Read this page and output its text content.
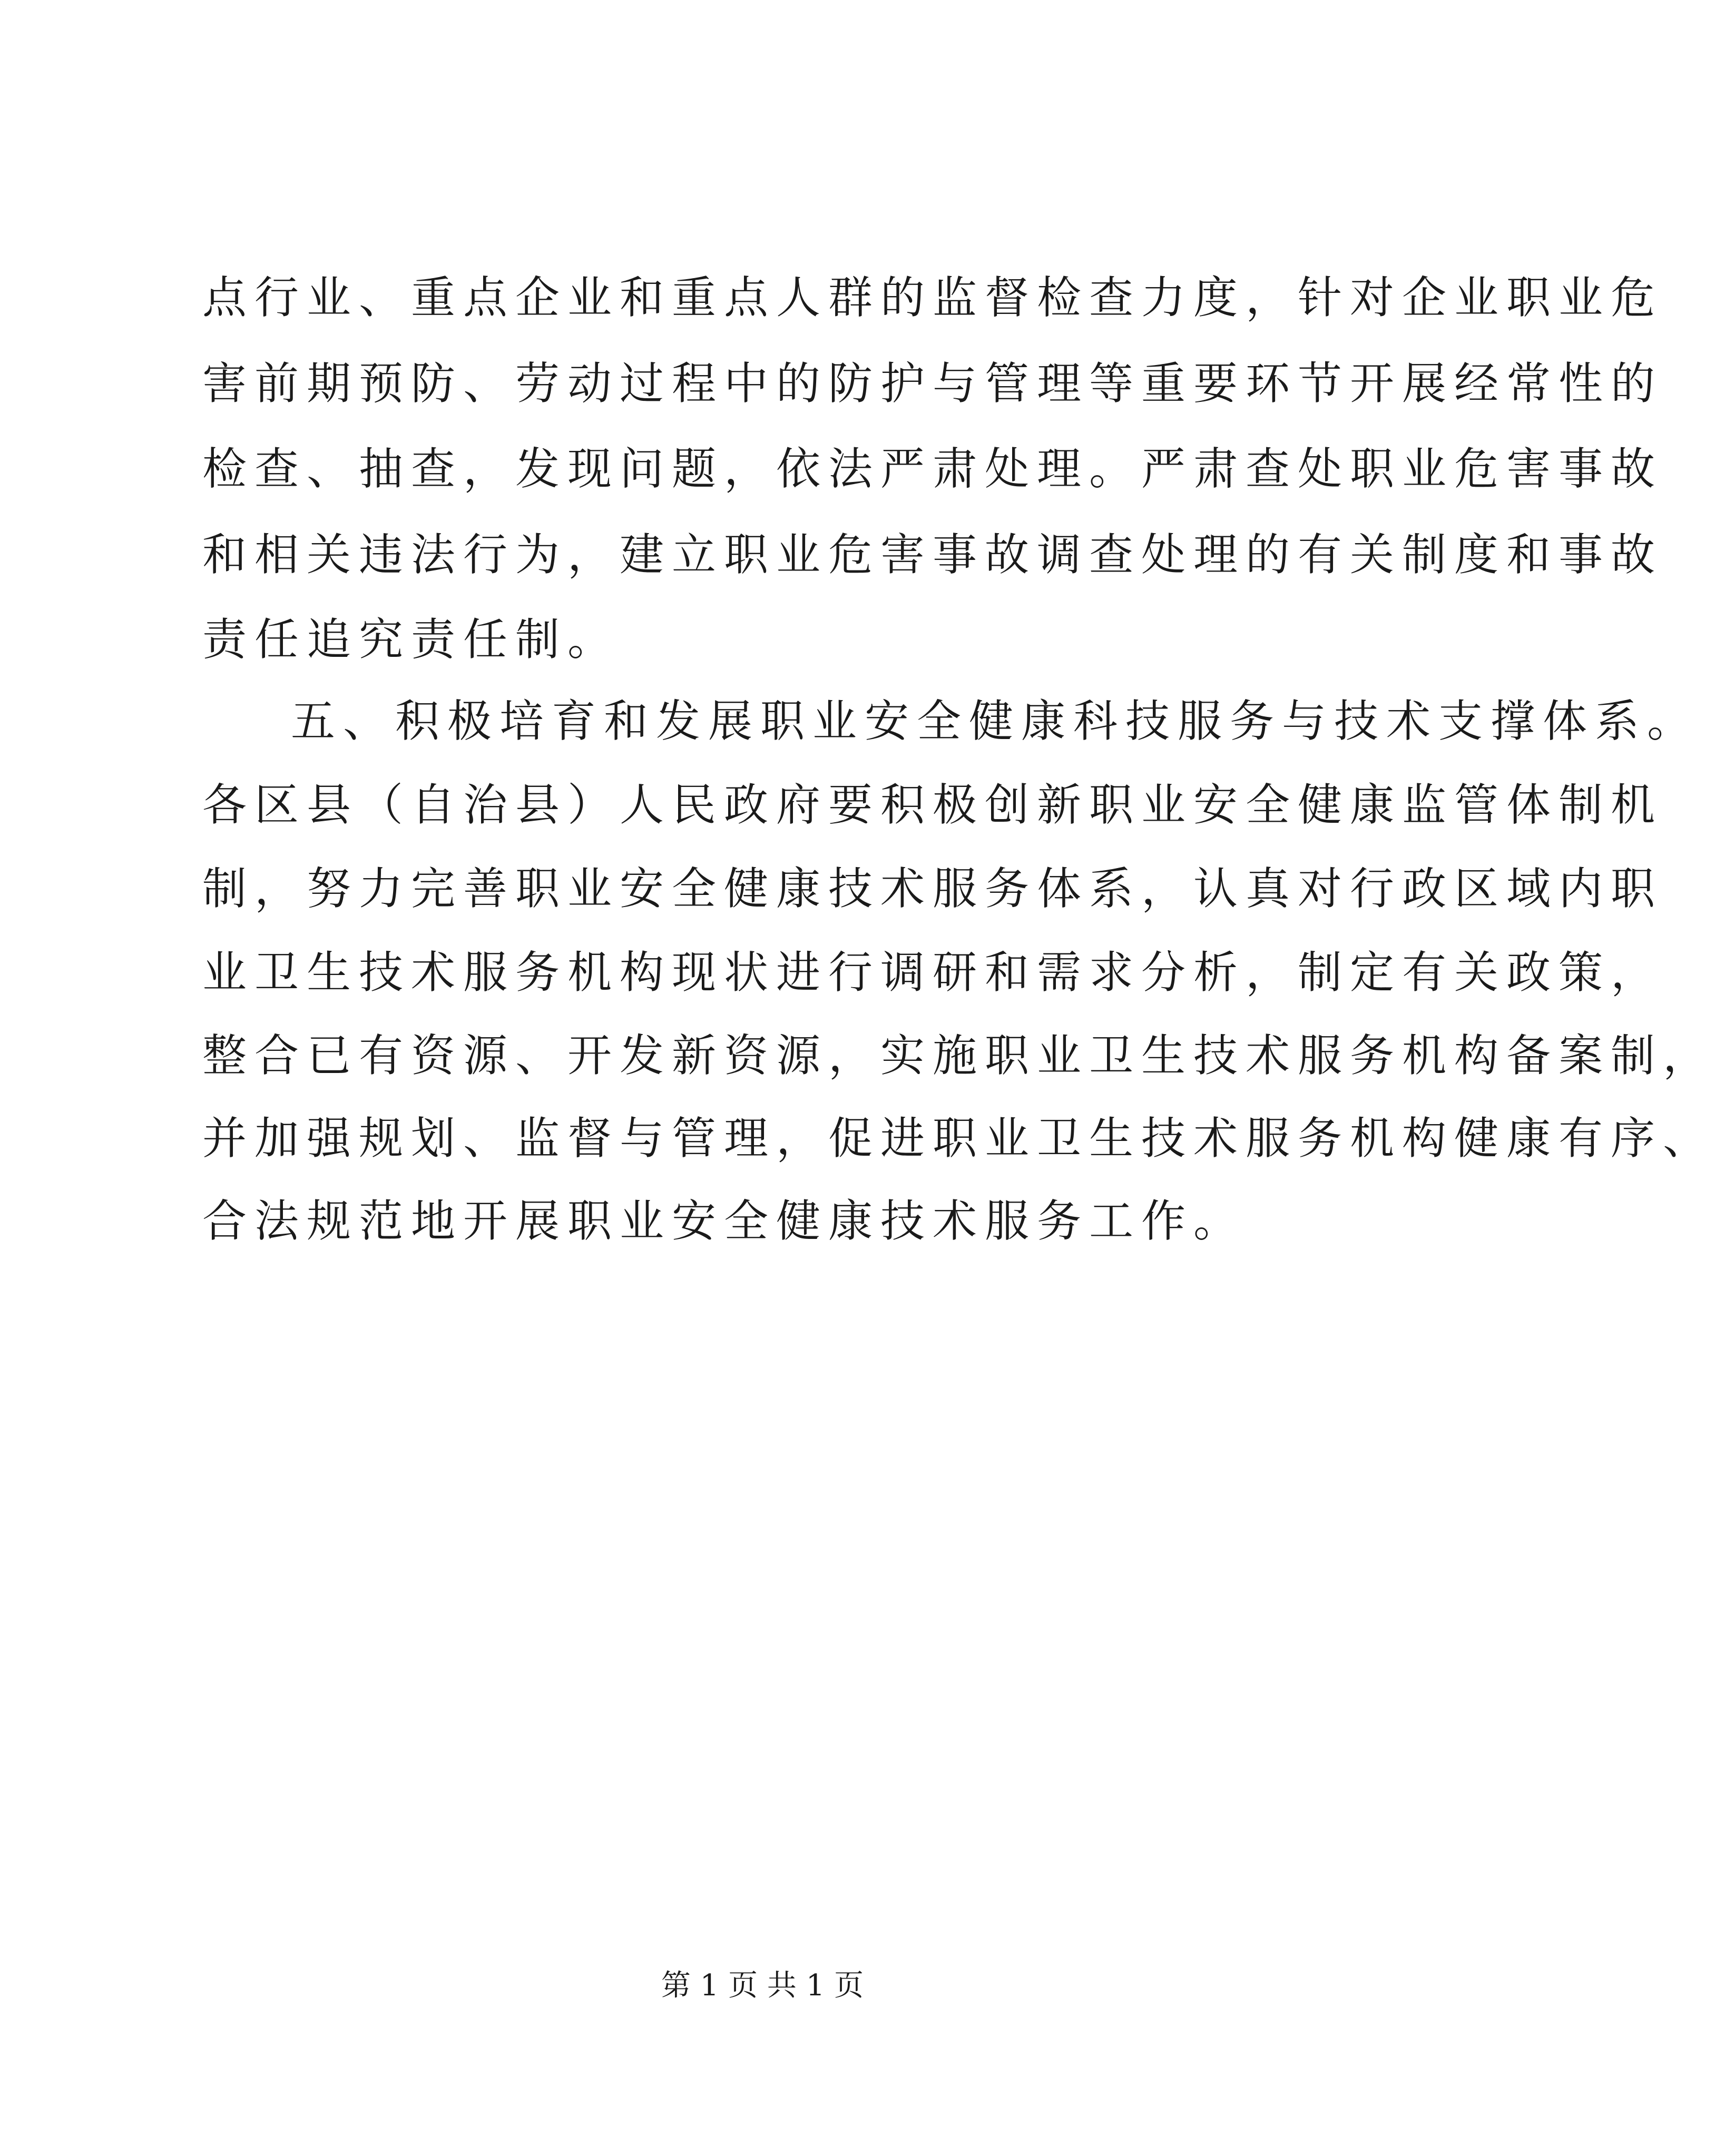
点行业、重点企业和重点人群的监督检查力度，针对企业职业危
害前期预防、劳动过程中的防护与管理等重要环节开展经常性的
检查、抽查，发现问题，依法严肃处理。严肃查处职业危害事故
和相关违法行为，建立职业危害事故调查处理的有关制度和事故
责任追究责任制。
五、积极培育和发展职业安全健康科技服务与技术支撑体系。
各区县（自治县）人民政府要积极创新职业安全健康监管体制机
制，努力完善职业安全健康技术服务体系，认真对行政区域内职
业卫生技术服务机构现状进行调研和需求分析，制定有关政策，
整合已有资源、开发新资源，实施职业卫生技术服务机构备案制，
并加强规划、监督与管理，促进职业卫生技术服务机构健康有序、
合法规范地开展职业安全健康技术服务工作。
第 1 页 共 1 页
